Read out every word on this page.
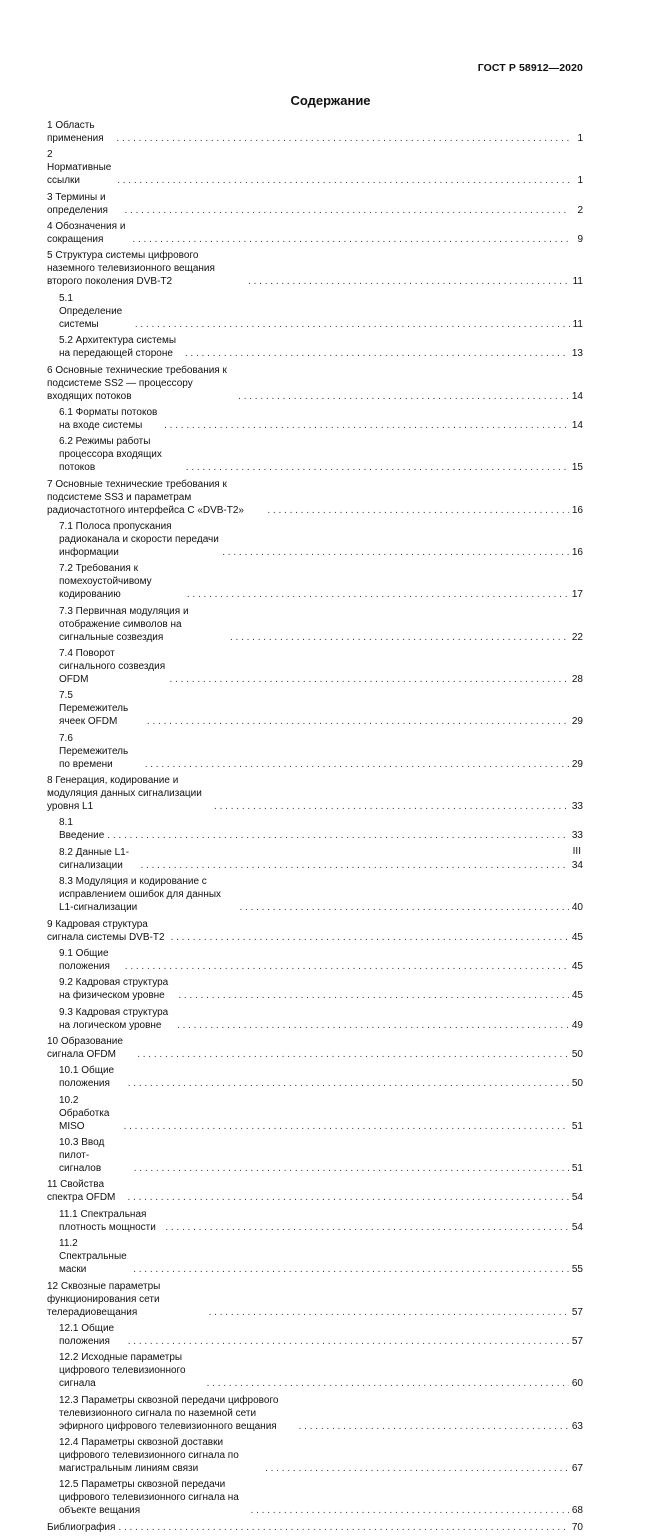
ГОСТ Р 58912—2020
Содержание
1 Область применения . . .	1
2 Нормативные ссылки . . .	1
3 Термины и определения . . .	2
4 Обозначения и сокращения . . .	9
5 Структура системы цифрового наземного телевизионного вещания второго поколения DVB-T2 . . .	11
5.1 Определение системы . . .	11
5.2 Архитектура системы на передающей стороне . . .	13
6 Основные технические требования к подсистеме SS2 — процессору входящих потоков . . .	14
6.1 Форматы потоков на входе системы . . .	14
6.2 Режимы работы процессора входящих потоков . . .	15
7 Основные технические требования к подсистеме SS3 и параметрам радиочастотного интерфейса С «DVB-T2» . . .	16
7.1 Полоса пропускания радиоканала и скорости передачи информации . . .	16
7.2 Требования к помехоустойчивому кодированию . . .	17
7.3 Первичная модуляция и отображение символов на сигнальные созвездия . . .	22
7.4 Поворот сигнального созвездия OFDM . . .	28
7.5 Перемежитель ячеек OFDM . . .	29
7.6 Перемежитель по времени . . .	29
8 Генерация, кодирование и модуляция данных сигнализации уровня L1 . . .	33
8.1 Введение . . .	33
8.2 Данные L1-сигнализации . . .	34
8.3 Модуляция и кодирование с исправлением ошибок для данных L1-сигнализации . . .	40
9 Кадровая структура сигнала системы DVB-T2 . . .	45
9.1 Общие положения . . .	45
9.2 Кадровая структура на физическом уровне . . .	45
9.3 Кадровая структура на логическом уровне . . .	49
10 Образование сигнала OFDM . . .	50
10.1 Общие положения . . .	50
10.2 Обработка MISO . . .	51
10.3 Ввод пилот-сигналов . . .	51
11 Свойства спектра OFDM . . .	54
11.1 Спектральная плотность мощности . . .	54
11.2 Спектральные маски . . .	55
12 Сквозные параметры функционирования сети телерадиовещания . . .	57
12.1 Общие положения . . .	57
12.2 Исходные параметры цифрового телевизионного сигнала . . .	60
12.3 Параметры сквозной передачи цифрового телевизионного сигнала по наземной сети эфирного цифрового телевизионного вещания . . .	63
12.4 Параметры сквозной доставки цифрового телевизионного сигнала по магистральным линиям связи . . .	67
12.5 Параметры сквозной передачи цифрового телевизионного сигнала на объекте вещания . . .	68
Библиография . . .	70
III
